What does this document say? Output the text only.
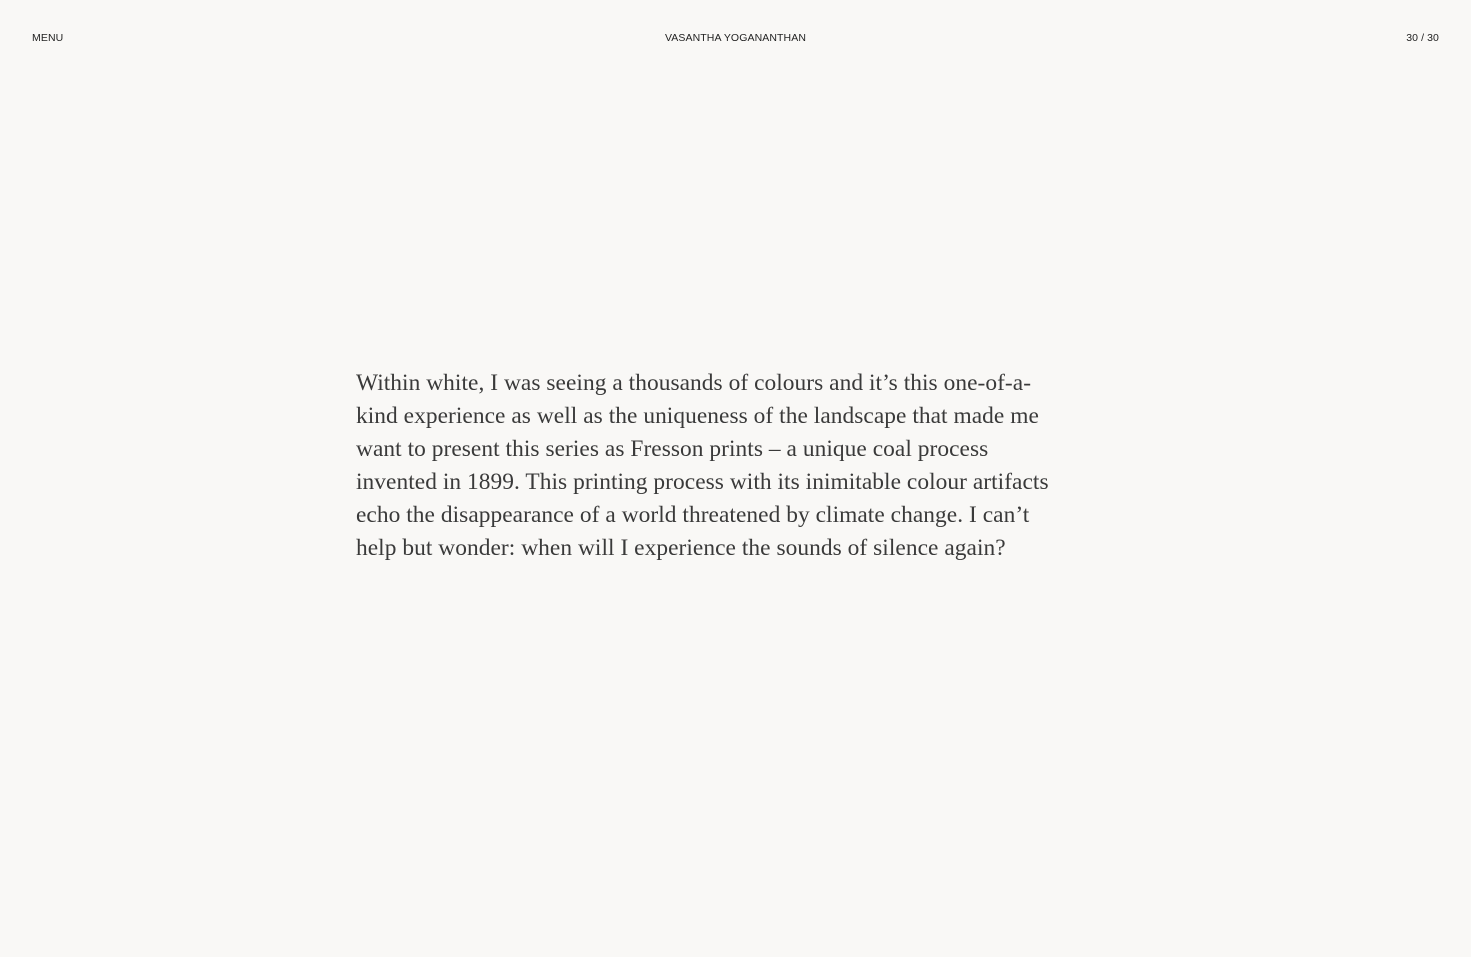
MENU	VASANTHA YOGANANTHAN	30 / 30

Within white, I was seeing a thousands of colours and it’s this one-of-a-
kind experience as well as the uniqueness of the landscape that made me
want to present this series as Fresson prints – a unique coal process
invented in 1899. This printing process with its inimitable colour artifacts
echo the disappearance of a world threatened by climate change. I can’t
help but wonder: when will I experience the sounds of silence again?
